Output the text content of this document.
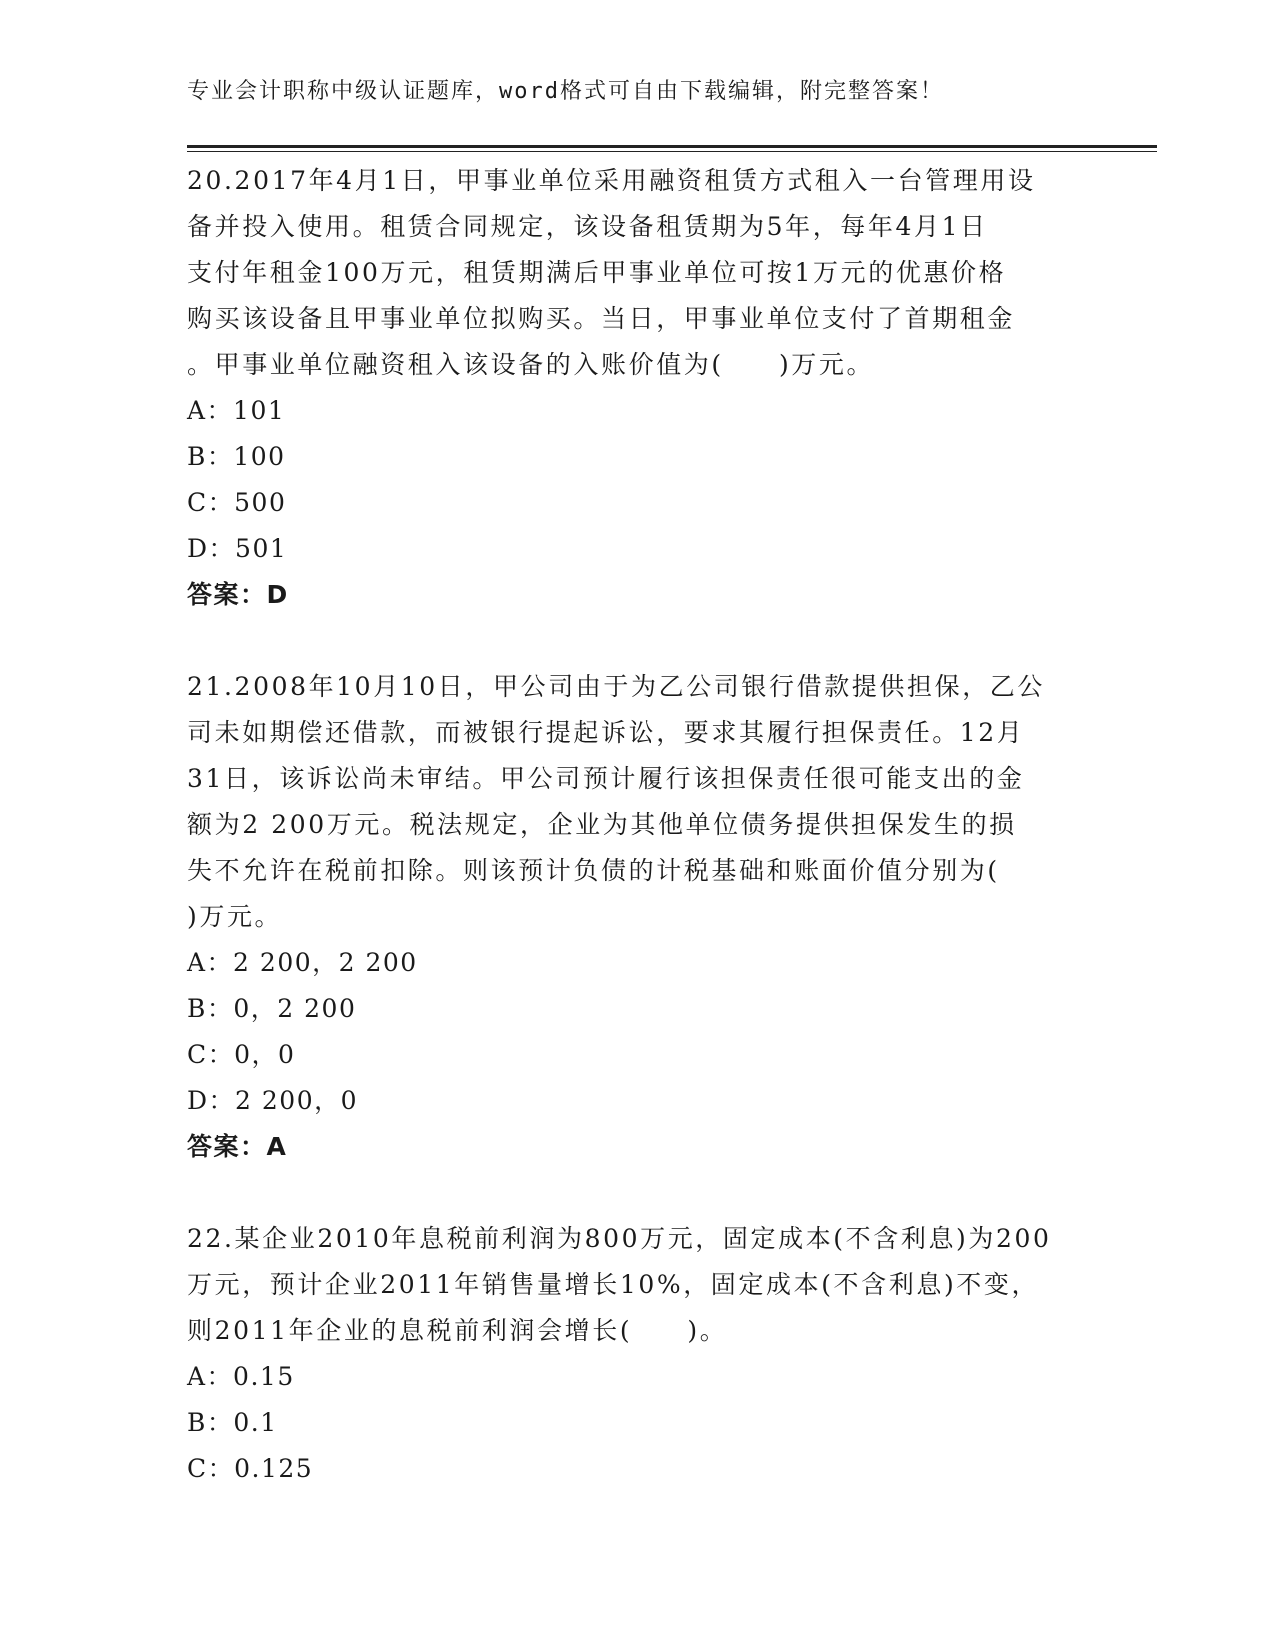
专业会计职称中级认证题库，word格式可自由下载编辑，附完整答案！

20.2017年4月1日，甲事业单位采用融资租赁方式租入一台管理用设

备并投入使用。租赁合同规定，该设备租赁期为5年，每年4月1日

支付年租金100万元，租赁期满后甲事业单位可按1万元的优惠价格

购买该设备且甲事业单位拟购买。当日，甲事业单位支付了首期租金

。甲事业单位融资租入该设备的入账价值为(　　)万元。

A：101

B：100

C：500

D：501

答案：D

21.2008年10月10日，甲公司由于为乙公司银行借款提供担保，乙公

司未如期偿还借款，而被银行提起诉讼，要求其履行担保责任。12月

31日，该诉讼尚未审结。甲公司预计履行该担保责任很可能支出的金

额为2 200万元。税法规定，企业为其他单位债务提供担保发生的损

失不允许在税前扣除。则该预计负债的计税基础和账面价值分别为(

)万元。

A：2 200，2 200

B：0，2 200

C：0，0

D：2 200，0

答案：A

22.某企业2010年息税前利润为800万元，固定成本(不含利息)为200

万元，预计企业2011年销售量增长10%，固定成本(不含利息)不变，

则2011年企业的息税前利润会增长(　　)。

A：0.15

B：0.1

C：0.125
